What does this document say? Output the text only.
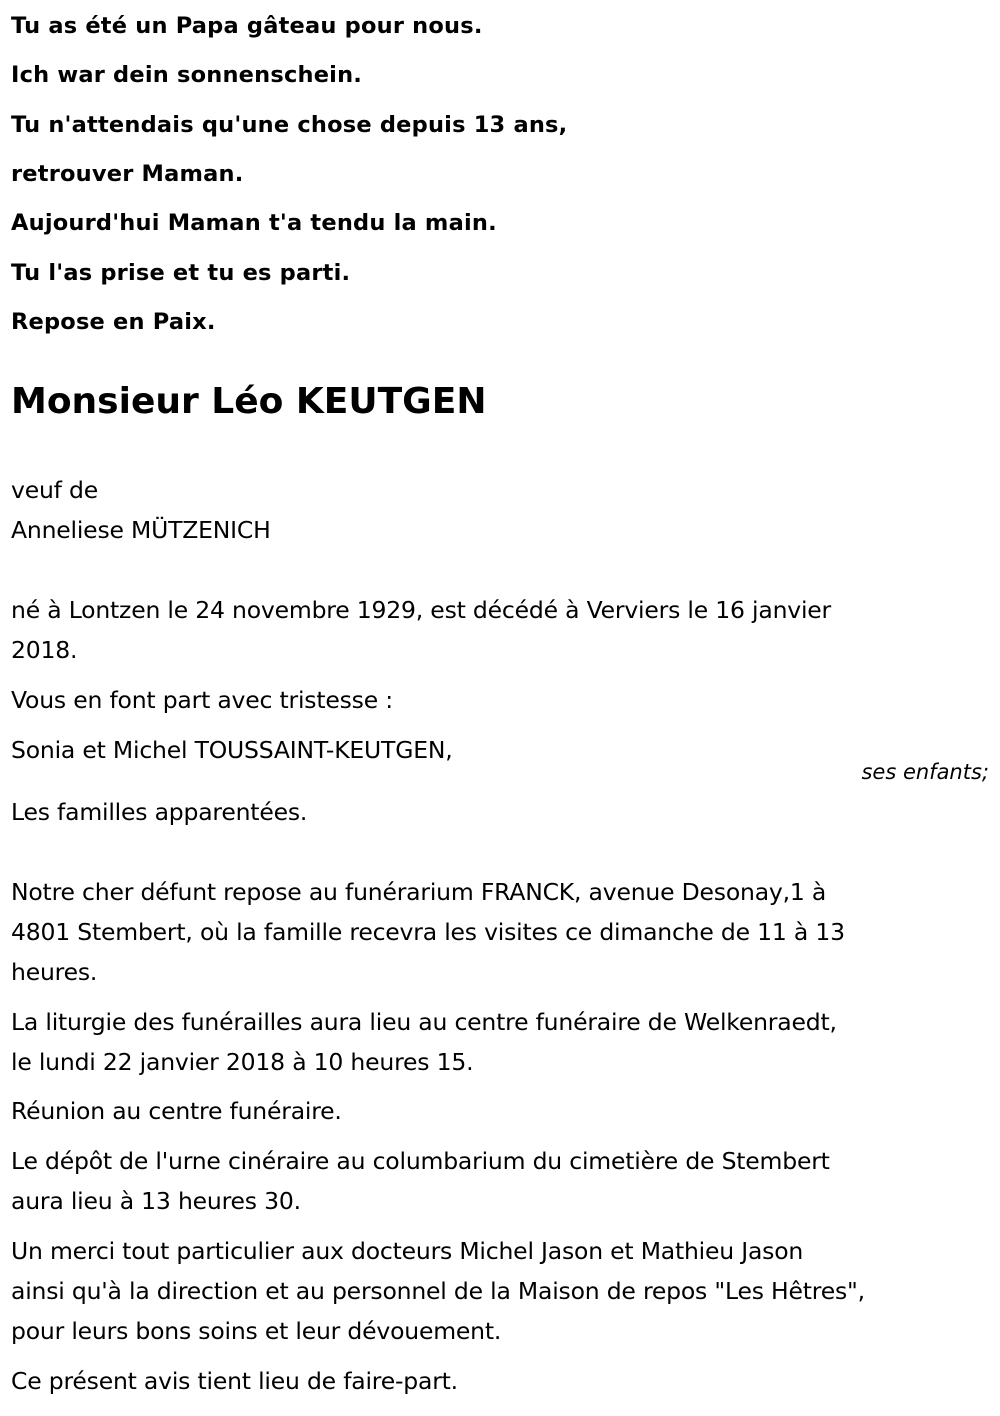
Tu as été un Papa gâteau pour nous.
Ich war dein sonnenschein.
Tu n'attendais qu'une chose depuis 13 ans,
retrouver Maman.
Aujourd'hui Maman t'a tendu la main.
Tu l'as prise et tu es parti.
Repose en Paix.
Monsieur Léo KEUTGEN
veuf de
Anneliese MÜTZENICH
né à Lontzen le 24 novembre 1929, est décédé à Verviers le 16 janvier
2018.
Vous en font part avec tristesse :
Sonia et Michel TOUSSAINT-KEUTGEN,
ses enfants;
Les familles apparentées.
Notre cher défunt repose au funérarium FRANCK, avenue Desonay,1 à
4801 Stembert, où la famille recevra les visites ce dimanche de 11 à 13
heures.
La liturgie des funérailles aura lieu au centre funéraire de Welkenraedt,
le lundi 22 janvier 2018 à 10 heures 15.
Réunion au centre funéraire.
Le dépôt de l'urne cinéraire au columbarium du cimetière de Stembert
aura lieu à 13 heures 30.
Un merci tout particulier aux docteurs Michel Jason et Mathieu Jason
ainsi qu'à la direction et au personnel de la Maison de repos "Les Hêtres",
pour leurs bons soins et leur dévouement.
Ce présent avis tient lieu de faire-part.
